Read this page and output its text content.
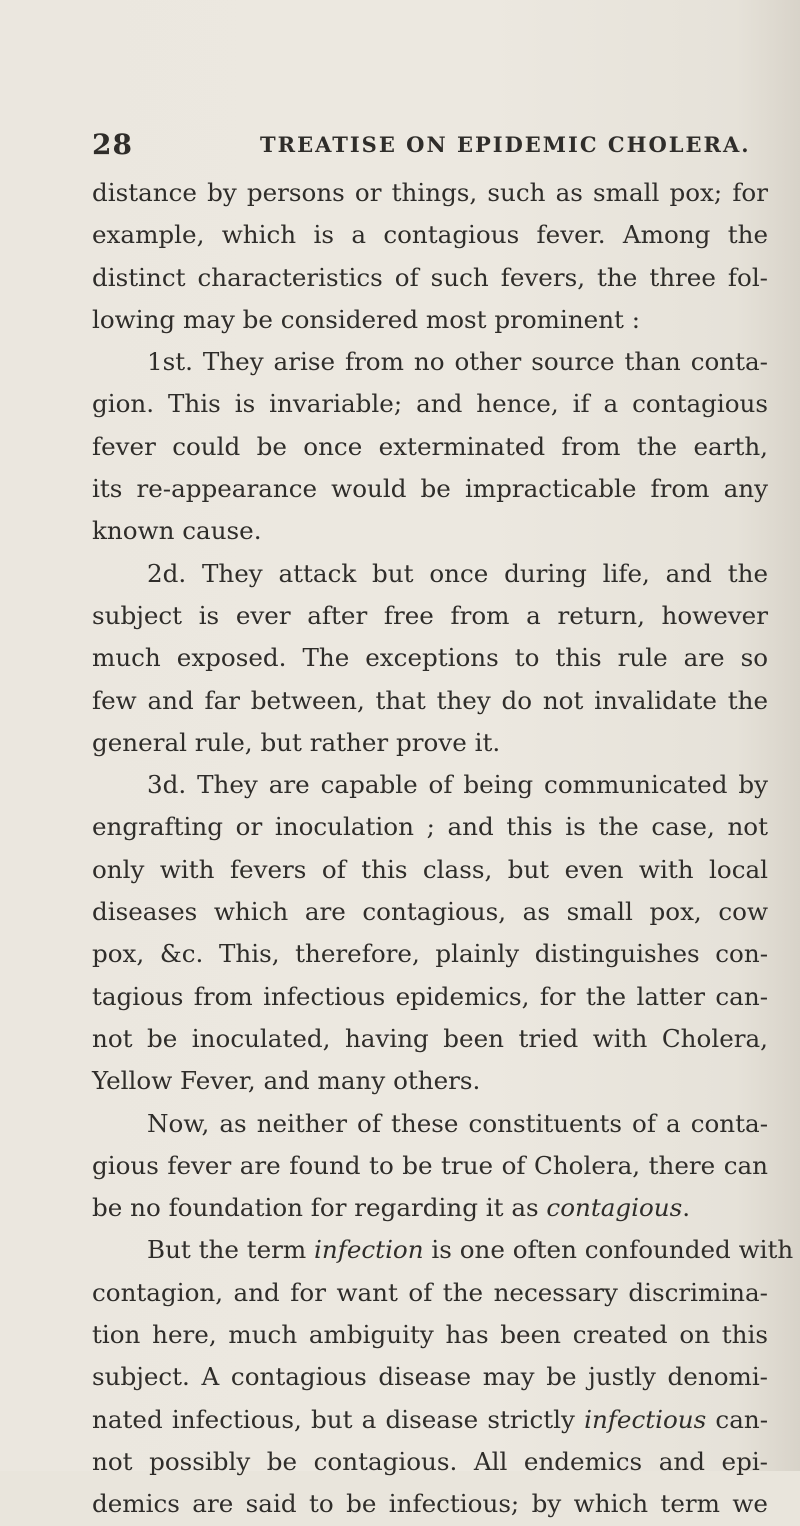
28	TREATISE ON EPIDEMIC CHOLERA.
distance by persons or things, such as small pox; for
example, which is a contagious fever. Among the
distinct characteristics of such fevers, the three fol-
lowing may be considered most prominent :
1st. They arise from no other source than conta-
gion. This is invariable; and hence, if a contagious
fever could be once exterminated from the earth,
its re-appearance would be impracticable from any
known cause.
2d. They attack but once during life, and the
subject is ever after free from a return, however
much exposed. The exceptions to this rule are so
few and far between, that they do not invalidate the
general rule, but rather prove it.
3d. They are capable of being communicated by
engrafting or inoculation ; and this is the case, not
only with fevers of this class, but even with local
diseases which are contagious, as small pox, cow
pox, &c. This, therefore, plainly distinguishes con-
tagious from infectious epidemics, for the latter can-
not be inoculated, having been tried with Cholera,
Yellow Fever, and many others.
Now, as neither of these constituents of a conta-
gious fever are found to be true of Cholera, there can
be no foundation for regarding it as contagious.
But the term infection is one often confounded with
contagion, and for want of the necessary discrimina-
tion here, much ambiguity has been created on this
subject. A contagious disease may be justly denomi-
nated infectious, but a disease strictly infectious can-
not possibly be contagious. All endemics and epi-
demics are said to be infectious; by which term we
